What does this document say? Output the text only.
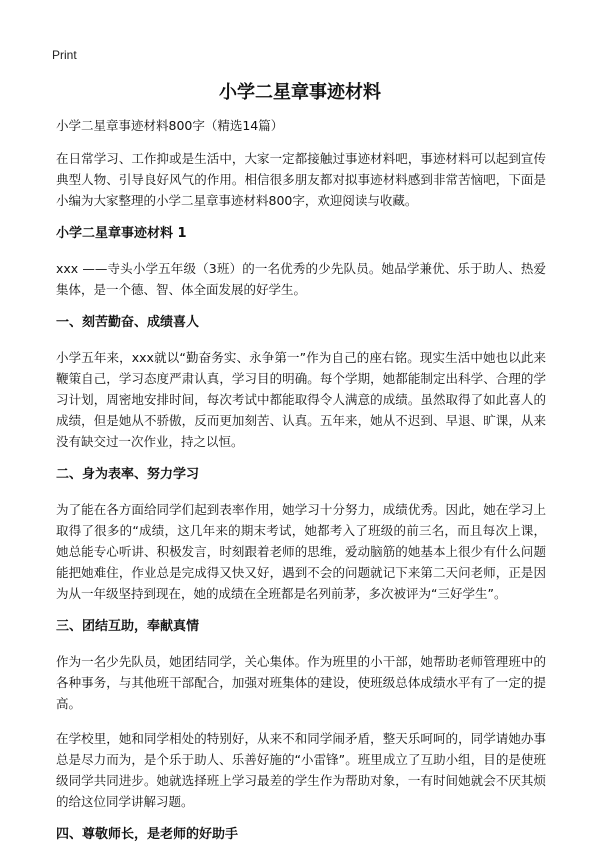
Print
小学二星章事迹材料

小学二星章事迹材料800字（精选14篇）

在日常学习、工作抑或是生活中，大家一定都接触过事迹材料吧，事迹材料可以起到宣传典型人物、引导良好风气的作用。相信很多朋友都对拟事迹材料感到非常苦恼吧，下面是小编为大家整理的小学二星章事迹材料800字，欢迎阅读与收藏。

小学二星章事迹材料 1

xxx ——寺头小学五年级（3班）的一名优秀的少先队员。她品学兼优、乐于助人、热爱集体，是一个德、智、体全面发展的好学生。

一、刻苦勤奋、成绩喜人

小学五年来，xxx就以“勤奋务实、永争第一”作为自己的座右铭。现实生活中她也以此来鞭策自己，学习态度严肃认真，学习目的明确。每个学期，她都能制定出科学、合理的学习计划，周密地安排时间，每次考试中都能取得令人满意的成绩。虽然取得了如此喜人的成绩，但是她从不骄傲，反而更加刻苦、认真。五年来，她从不迟到、早退、旷课，从来没有缺交过一次作业，持之以恒。

二、身为表率、努力学习

为了能在各方面给同学们起到表率作用，她学习十分努力，成绩优秀。因此，她在学习上取得了很多的“成绩，这几年来的期末考试，她都考入了班级的前三名，而且每次上课，她总能专心听讲、积极发言，时刻跟着老师的思维，爱动脑筋的她基本上很少有什么问题能把她难住，作业总是完成得又快又好，遇到不会的问题就记下来第二天问老师，正是因为从一年级坚持到现在，她的成绩在全班都是名列前茅，多次被评为“三好学生”。

三、团结互助，奉献真情

作为一名少先队员，她团结同学，关心集体。作为班里的小干部，她帮助老师管理班中的各种事务，与其他班干部配合，加强对班集体的建设，使班级总体成绩水平有了一定的提高。

在学校里，她和同学相处的特别好，从来不和同学闹矛盾，整天乐呵呵的，同学请她办事总是尽力而为，是个乐于助人、乐善好施的“小雷锋”。班里成立了互助小组，目的是使班级同学共同进步。她就选择班上学习最差的学生作为帮助对象，一有时间她就会不厌其烦的给这位同学讲解习题。

四、尊敬师长，是老师的好助手
